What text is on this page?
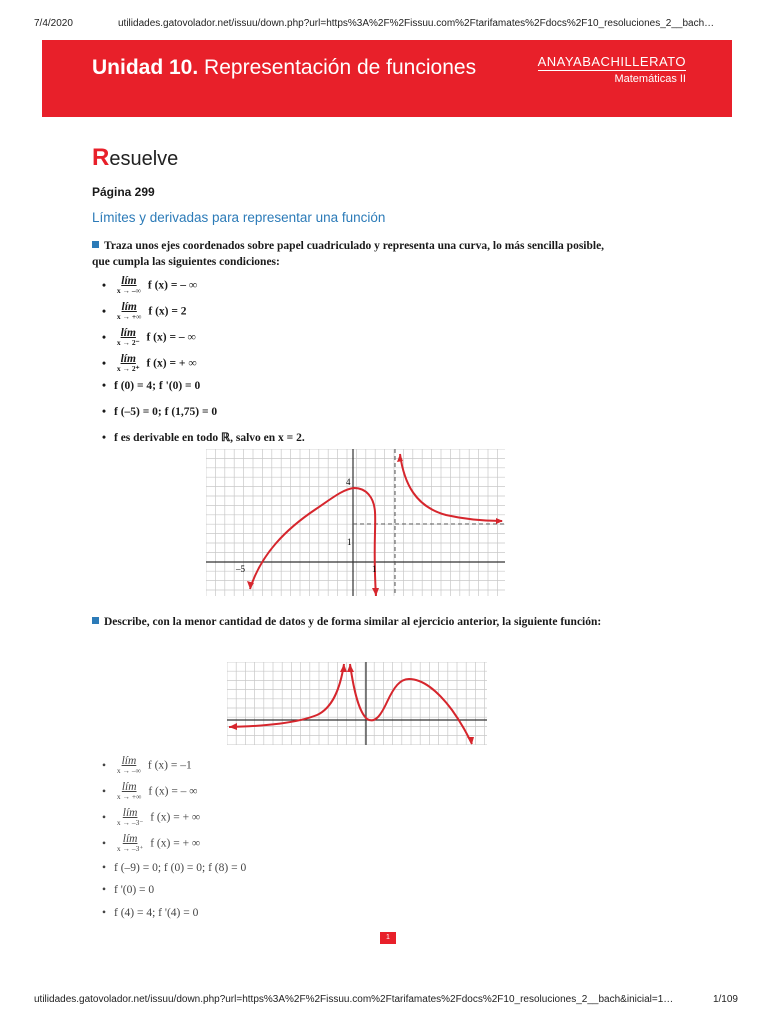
7/4/2020	utilidades.gatovolador.net/issuu/down.php?url=https%3A%2F%2Fissuu.com%2Ftarifamates%2Fdocs%2F10_resoluciones_2__bach…
Unidad 10. Representación de funciones	ANAYABACHILLERATO
Matemáticas II
Resuelve
Página 299
Límites y derivadas para representar una función
Traza unos ejes coordenados sobre papel cuadriculado y representa una curva, lo más sencilla posible, que cumpla las siguientes condiciones:
• lím
x → –∞ f (x) = – ∞
• lím
x → +∞ f (x) = 2
• lím
x → 2⁻ f (x) = – ∞
• lím
x → 2⁺ f (x) = + ∞
• f (0) = 4; f '(0) = 0
• f (–5) = 0; f (1,75) = 0
• f es derivable en todo ℝ, salvo en x = 2.
4
1
–5	1
Describe, con la menor cantidad de datos y de forma similar al ejercicio anterior, la siguiente función:
• lím
x → –∞ f (x) = –1
• lím
x → +∞ f (x) = – ∞
• lím
x → –3⁻ f (x) = + ∞
• lím
x → –3⁺ f (x) = + ∞
• f (–9) = 0; f (0) = 0; f (8) = 0
• f '(0) = 0
• f (4) = 4; f '(4) = 0
1
utilidades.gatovolador.net/issuu/down.php?url=https%3A%2F%2Fissuu.com%2Ftarifamates%2Fdocs%2F10_resoluciones_2__bach&inicial=1…	1/109
